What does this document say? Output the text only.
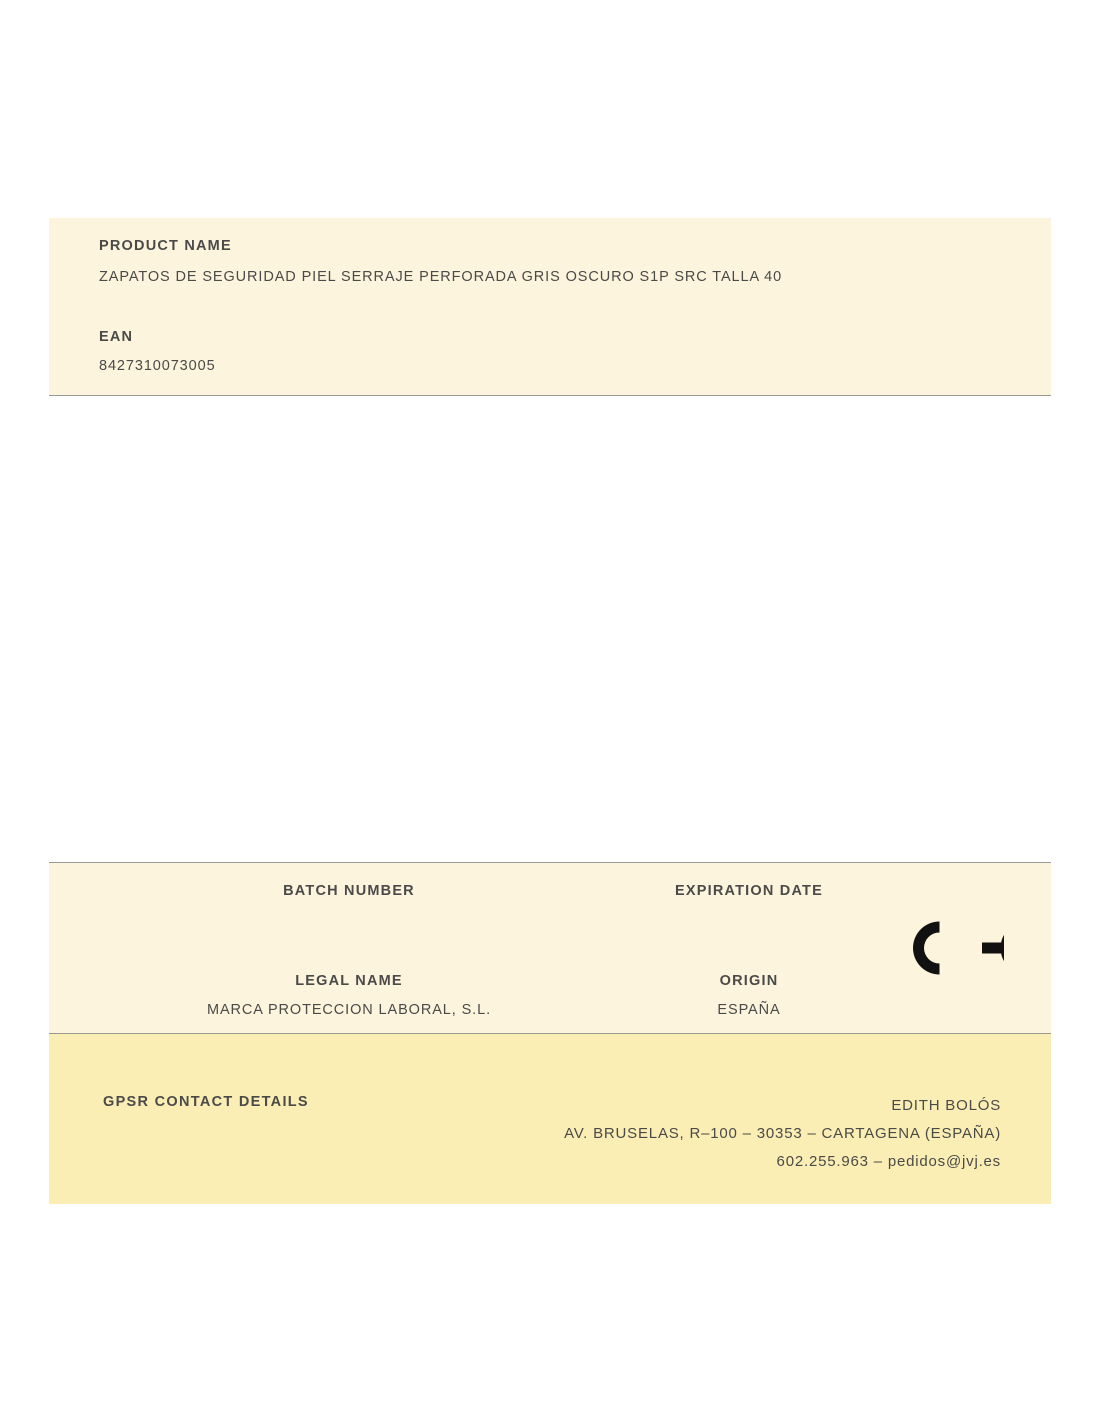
PRODUCT NAME
ZAPATOS DE SEGURIDAD PIEL SERRAJE PERFORADA GRIS OSCURO S1P SRC TALLA 40
EAN
8427310073005
BATCH NUMBER	EXPIRATION DATE
LEGAL NAME
MARCA PROTECCION LABORAL, S.L.
ORIGIN
ESPAÑA
GPSR CONTACT DETAILS	EDITH BOLÓS
AV. BRUSELAS, R–100 – 30353 – CARTAGENA (ESPAÑA)
602.255.963 – pedidos@jvj.es
